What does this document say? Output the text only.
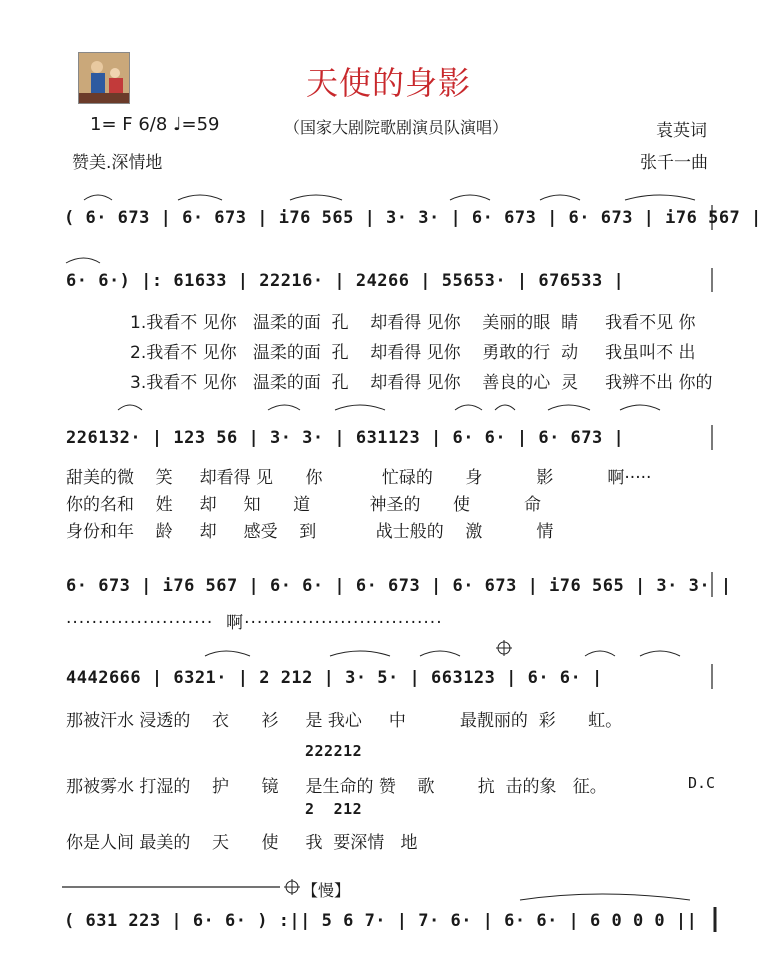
天使的身影
（国家大剧院歌剧演员队演唱）
1= F 6/8 ♩=59	袁英词
张千一曲
赞美.深情地
( 6· 673 | 6· 673 | i76 565 | 3· 3· | 6· 673 | 6· 673 | i76 567 |
6· 6·) |: 61633 | 22216· | 24266 | 55653· | 676533 |
1.我看不 见你   温柔的面  孔    却看得 见你    美丽的眼  睛     我看不见 你
2.我看不 见你   温柔的面  孔    却看得 见你    勇敢的行  动     我虽叫不 出
3.我看不 见你   温柔的面  孔    却看得 见你    善良的心  灵     我辨不出 你的
226132· | 123 56 | 3· 3· | 631123 | 6· 6· | 6· 673 |
甜美的微    笑     却看得 见      你           忙碌的      身          影          啊·····
你的名和    姓     却     知      道           神圣的      使          命
身份和年    龄     却     感受    到           战士般的    激          情
6· 673 | i76 567 | 6· 6· | 6· 673 | 6· 673 | i76 565 | 3· 3· |
·······················  啊·······························
4442666 | 6321· | 2 212 | 3· 5· | 663123 | 6· 6· |
那被汗水 浸透的    衣      衫     是 我心     中          最靓丽的  彩      虹。
222212
那被雾水 打湿的    护      镜     是生命的 赞    歌        抗  击的象   征。	D.C
2  212
你是人间 最美的    天      使     我  要深情   地
【慢】
( 631 223 | 6· 6· ) :|| 5 6 7· | 7· 6· | 6· 6· | 6 0 0 0 ||
